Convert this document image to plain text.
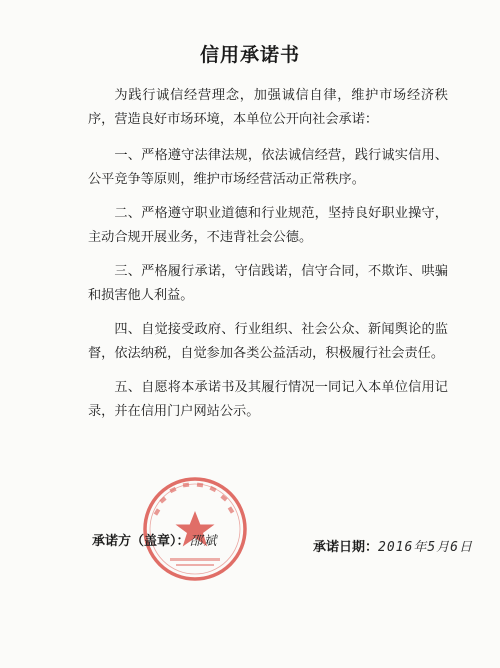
信用承诺书

为践行诚信经营理念，加强诚信自律，维护市场经济秩序，营造良好市场环境，本单位公开向社会承诺：

一、严格遵守法律法规，依法诚信经营，践行诚实信用、公平竞争等原则，维护市场经营活动正常秩序。

二、严格遵守职业道德和行业规范，坚持良好职业操守，主动合规开展业务，不违背社会公德。

三、严格履行承诺，守信践诺，信守合同，不欺诈、哄骗和损害他人利益。

四、自觉接受政府、行业组织、社会公众、新闻舆论的监督，依法纳税，自觉参加各类公益活动，积极履行社会责任。

五、自愿将本承诺书及其履行情况一同记入本单位信用记录，并在信用门户网站公示。

承诺方（盖章）：邵斌	承诺日期：2016年5月6日
